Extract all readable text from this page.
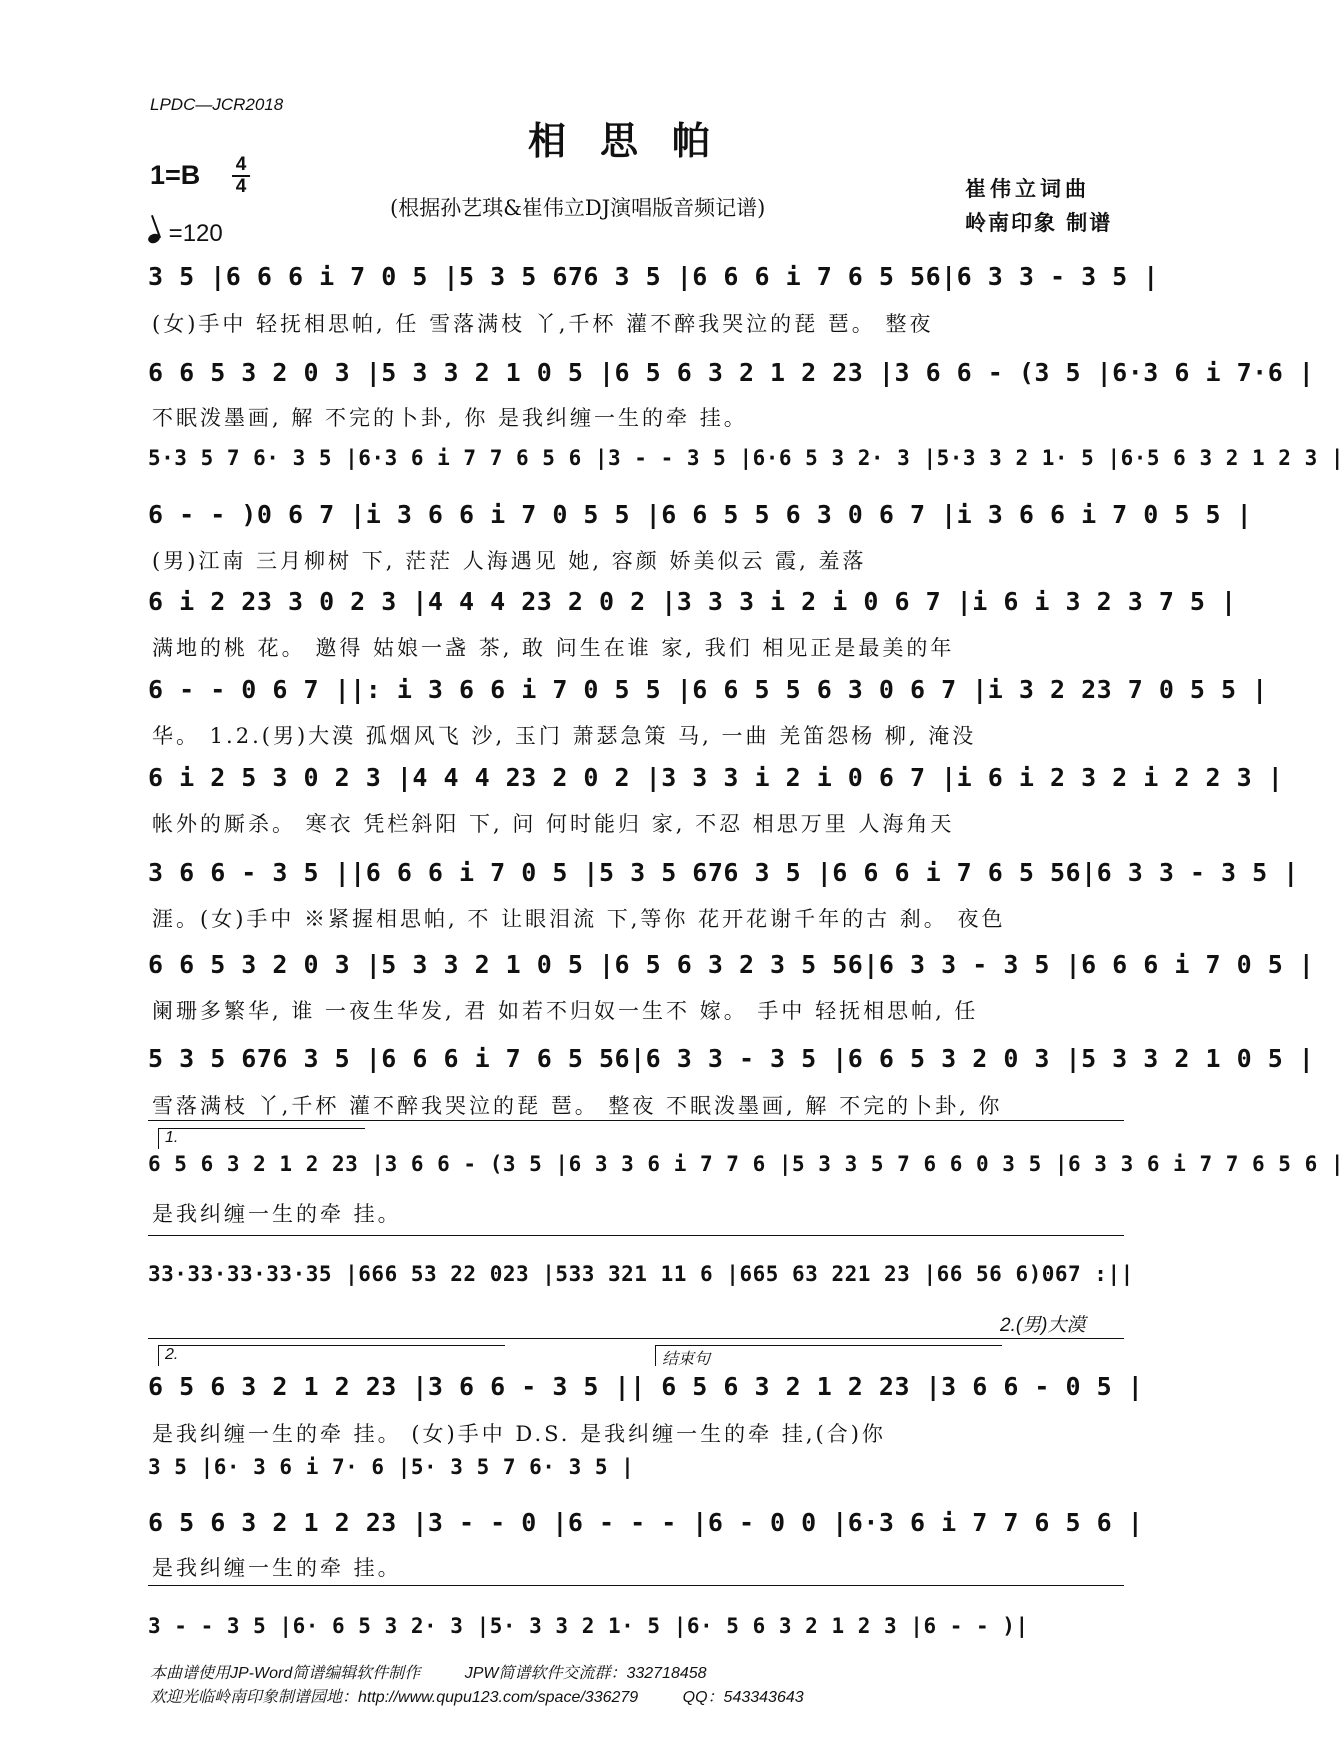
LPDC—JCR2018
相思帕
1=B 4
4
=120
(根据孙艺琪&崔伟立DJ演唱版音频记谱)
崔伟立词曲
岭南印象 制谱
3 5 |6 6 6 i 7 0 5 |5 3 5 676 3 5 |6 6 6 i 7 6 5 56|6 3 3 - 3 5 |
(女)手中 轻抚相思帕, 任 雪落满枝 丫,千杯 灌不醉我哭泣的琵 琶。 整夜
6 6 5 3 2 0 3 |5 3 3 2 1 0 5 |6 5 6 3 2 1 2 23 |3 6 6 - (3 5 |6·3 6 i 7·6 |
不眠泼墨画, 解 不完的卜卦, 你 是我纠缠一生的牵 挂。
5·3 5 7 6· 3 5 |6·3 6 i 7 7 6 5 6 |3 - - 3 5 |6·6 5 3 2· 3 |5·3 3 2 1· 5 |6·5 6 3 2 1 2 3 |
6 - - )0 6 7 |i 3 6 6 i 7 0 5 5 |6 6 5 5 6 3 0 6 7 |i 3 6 6 i 7 0 5 5 |
(男)江南 三月柳树 下, 茫茫 人海遇见 她, 容颜 娇美似云 霞, 羞落
6 i 2 23 3 0 2 3 |4 4 4 23 2 0 2 |3 3 3 i 2 i 0 6 7 |i 6 i 3 2 3 7 5 |
满地的桃 花。 邀得 姑娘一盏 茶, 敢 问生在谁 家, 我们 相见正是最美的年
6 - - 0 6 7 ||: i 3 6 6 i 7 0 5 5 |6 6 5 5 6 3 0 6 7 |i 3 2 23 7 0 5 5 |
华。 1.2.(男)大漠 孤烟风飞 沙, 玉门 萧瑟急策 马, 一曲 羌笛怨杨 柳, 淹没
6 i 2 5 3 0 2 3 |4 4 4 23 2 0 2 |3 3 3 i 2 i 0 6 7 |i 6 i 2 3 2 i 2 2 3 |
帐外的厮杀。 寒衣 凭栏斜阳 下, 问 何时能归 家, 不忍 相思万里 人海角天
3 6 6 - 3 5 ||6 6 6 i 7 0 5 |5 3 5 676 3 5 |6 6 6 i 7 6 5 56|6 3 3 - 3 5 |
涯。(女)手中 ※紧握相思帕, 不 让眼泪流 下,等你 花开花谢千年的古 刹。 夜色
6 6 5 3 2 0 3 |5 3 3 2 1 0 5 |6 5 6 3 2 3 5 56|6 3 3 - 3 5 |6 6 6 i 7 0 5 |
阑珊多繁华, 谁 一夜生华发, 君 如若不归奴一生不 嫁。 手中 轻抚相思帕, 任
5 3 5 676 3 5 |6 6 6 i 7 6 5 56|6 3 3 - 3 5 |6 6 5 3 2 0 3 |5 3 3 2 1 0 5 |
雪落满枝 丫,千杯 灌不醉我哭泣的琵 琶。 整夜 不眠泼墨画, 解 不完的卜卦, 你
1.
6 5 6 3 2 1 2 23 |3 6 6 - (3 5 |6 3 3 6 i 7 7 6 |5 3 3 5 7 6 6 0 3 5 |6 3 3 6 i 7 7 6 5 6 |
是我纠缠一生的牵 挂。
33·33·33·33·35 |666 53 22 023 |533 321 11 6 |665 63 221 23 |66 56 6)067 :||
2.(男)大漠
2.	结束句
6 5 6 3 2 1 2 23 |3 6 6 - 3 5 || 6 5 6 3 2 1 2 23 |3 6 6 - 0 5 |
是我纠缠一生的牵 挂。 (女)手中 D.S. 是我纠缠一生的牵 挂,(合)你
3 5 |6· 3 6 i 7· 6 |5· 3 5 7 6· 3 5 |
6 5 6 3 2 1 2 23 |3 - - 0 |6 - - - |6 - 0 0 |6·3 6 i 7 7 6 5 6 |
是我纠缠一生的牵 挂。
3 - - 3 5 |6· 6 5 3 2· 3 |5· 3 3 2 1· 5 |6· 5 6 3 2 1 2 3 |6 - - )|
本曲谱使用JP-Word简谱编辑软件制作	JPW简谱软件交流群：332718458
欢迎光临岭南印象制谱园地：http://www.qupu123.com/space/336279	QQ：543343643
